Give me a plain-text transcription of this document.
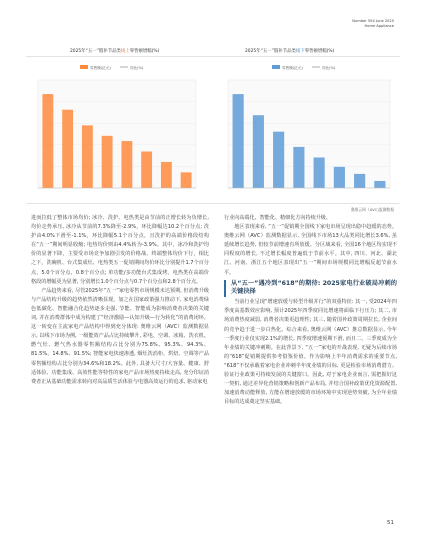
Number 554 June 2025
Home Appliance
2025年“五一”假补节品类线上零售额增幅(%)
零售额(亿元)	同比(%)
2025年“五一”假补节品类线下零售额增幅(%)
零售额(亿元)	同比(%)
奥维云网（AVC)监测数据

进而拉低了整体市场均价; 冰冷、洗护、电热类是由节前的正增长转为负增长, 均价走势承压, 冰冷从节前的7.3%降至-2.9%，环比降幅达10.2个百分点; 洗护由4.0%下滑至-1.1%，环比降幅5.1个百分点，且洗护的高端价格段结构在“五一”期间明显收缩; 电热均价则由4.4%转为-3.9%。其中，冰冷和洗护均价的显著下降，主要受市场竞争加剧引发的价格战、终端整体均价下行，相比之下，洗碗机、台式集成灶、电热类五一促销期间均价环比分别提升1.7个百分点、5.0个百分点、0.8个百分点; 单功能/多功能台式集成烤、电热类在高端价格段的增幅更为显著, 分别增长1.0个百分点与0.7个百分点和2.8个百分点。

产品趋势来看, 尽管2025年“五一”家电零售市场规模未达预期, 但消费升级与产品结构升级的趋势依然清晰显现。加之在国家政策强力推动下, 家电消费绿色低碳化、智能融合化趋势逐步走强, 节能、智能成为影响消费者决策的关键词, 并在消费群体中成为构建了“经济激励—认知升级—行为转化”的消费闭环。这一转变在主流家电产品结构中得到充分体现: 奥维云网（AVC）监测数据显示, 以线下市场为例, 一级能效产品占比持续攀升, 彩电、空调、冰箱、洗衣机、燃气灶、燃气热水器零售额结构占比分别为75.8%、95.3%、94.3%、81.5%、14.8%、91.5%; 智能家电快速渗透, 烟灶洗消柜、烘焙、空调等产品零售额结构占比分别为34.6%和18.2%。此外, 具备大尺寸/大容量、健康、舒适体验、功能集成、高效性能等特性的家电产品市场热度持续走高, 充分印证消费者正从基础功能需求转向对高品质生活体验与电器高效运行的追求, 驱动家电

行业向高端化、智能化、精细化方向持续升级。

地区表现来看, “五一”促销期全国线下家电市场呈现出稳中趋缓的态势。奥维云网（AVC）监测数据显示, 全国线下市场13大品类同比增长3.6%, 虽延续增长趋势, 但较节前增速有所放缓。分区域来看, 全国16个地区均实现不同程度的增长, 不过增长幅度普遍低于节前水平。其中, 四川、河北、湖北江、河南、浙江五个地区表现出“五一”期间市场规模同比增幅反超节前水平。

从“五一”遇冷到“618”的期待: 2025家电行业破局冲刺的关键抉择

当前行业呈现“增速放缓与转型升级并行”的双重特征: 其一, 受2024年四季度高基数效应影响, 预计2025年四季度同比增速将面临下行压力; 其二, 市场消费热度减弱, 消费者决策更趋理性; 其三, 随着国补政策周期拉长, 企业间的竞争趋于进一步白热化。综合来看, 奥维云网（AVC）推总数据显示, 今年一季度行业仅实现2.1%的增长, 四季度增速预期下滑, 而且二、三季度成为全年业绩的关键冲刺期。在此背景下, “五一”家电的开战表现, 无疑为后续市场的“618”促销期提供参考借鉴价值。作为影响上半年消费需求的重要节点, “618”不仅承载着家电企业冲刺半年度业绩的目标, 更是检验市场消费潜力、验证行业政策可持续发展的关键窗口。因此, 对于家电企业而言, 需把握好这一契机, 通过差异化营销策略和创新产品布局, 并结合国补政策优化资源配置, 加速消费动能释放, 方能在增速放缓的市场环境中实现逆势突破, 为全年业绩目标的达成奠定坚实基础。

51
